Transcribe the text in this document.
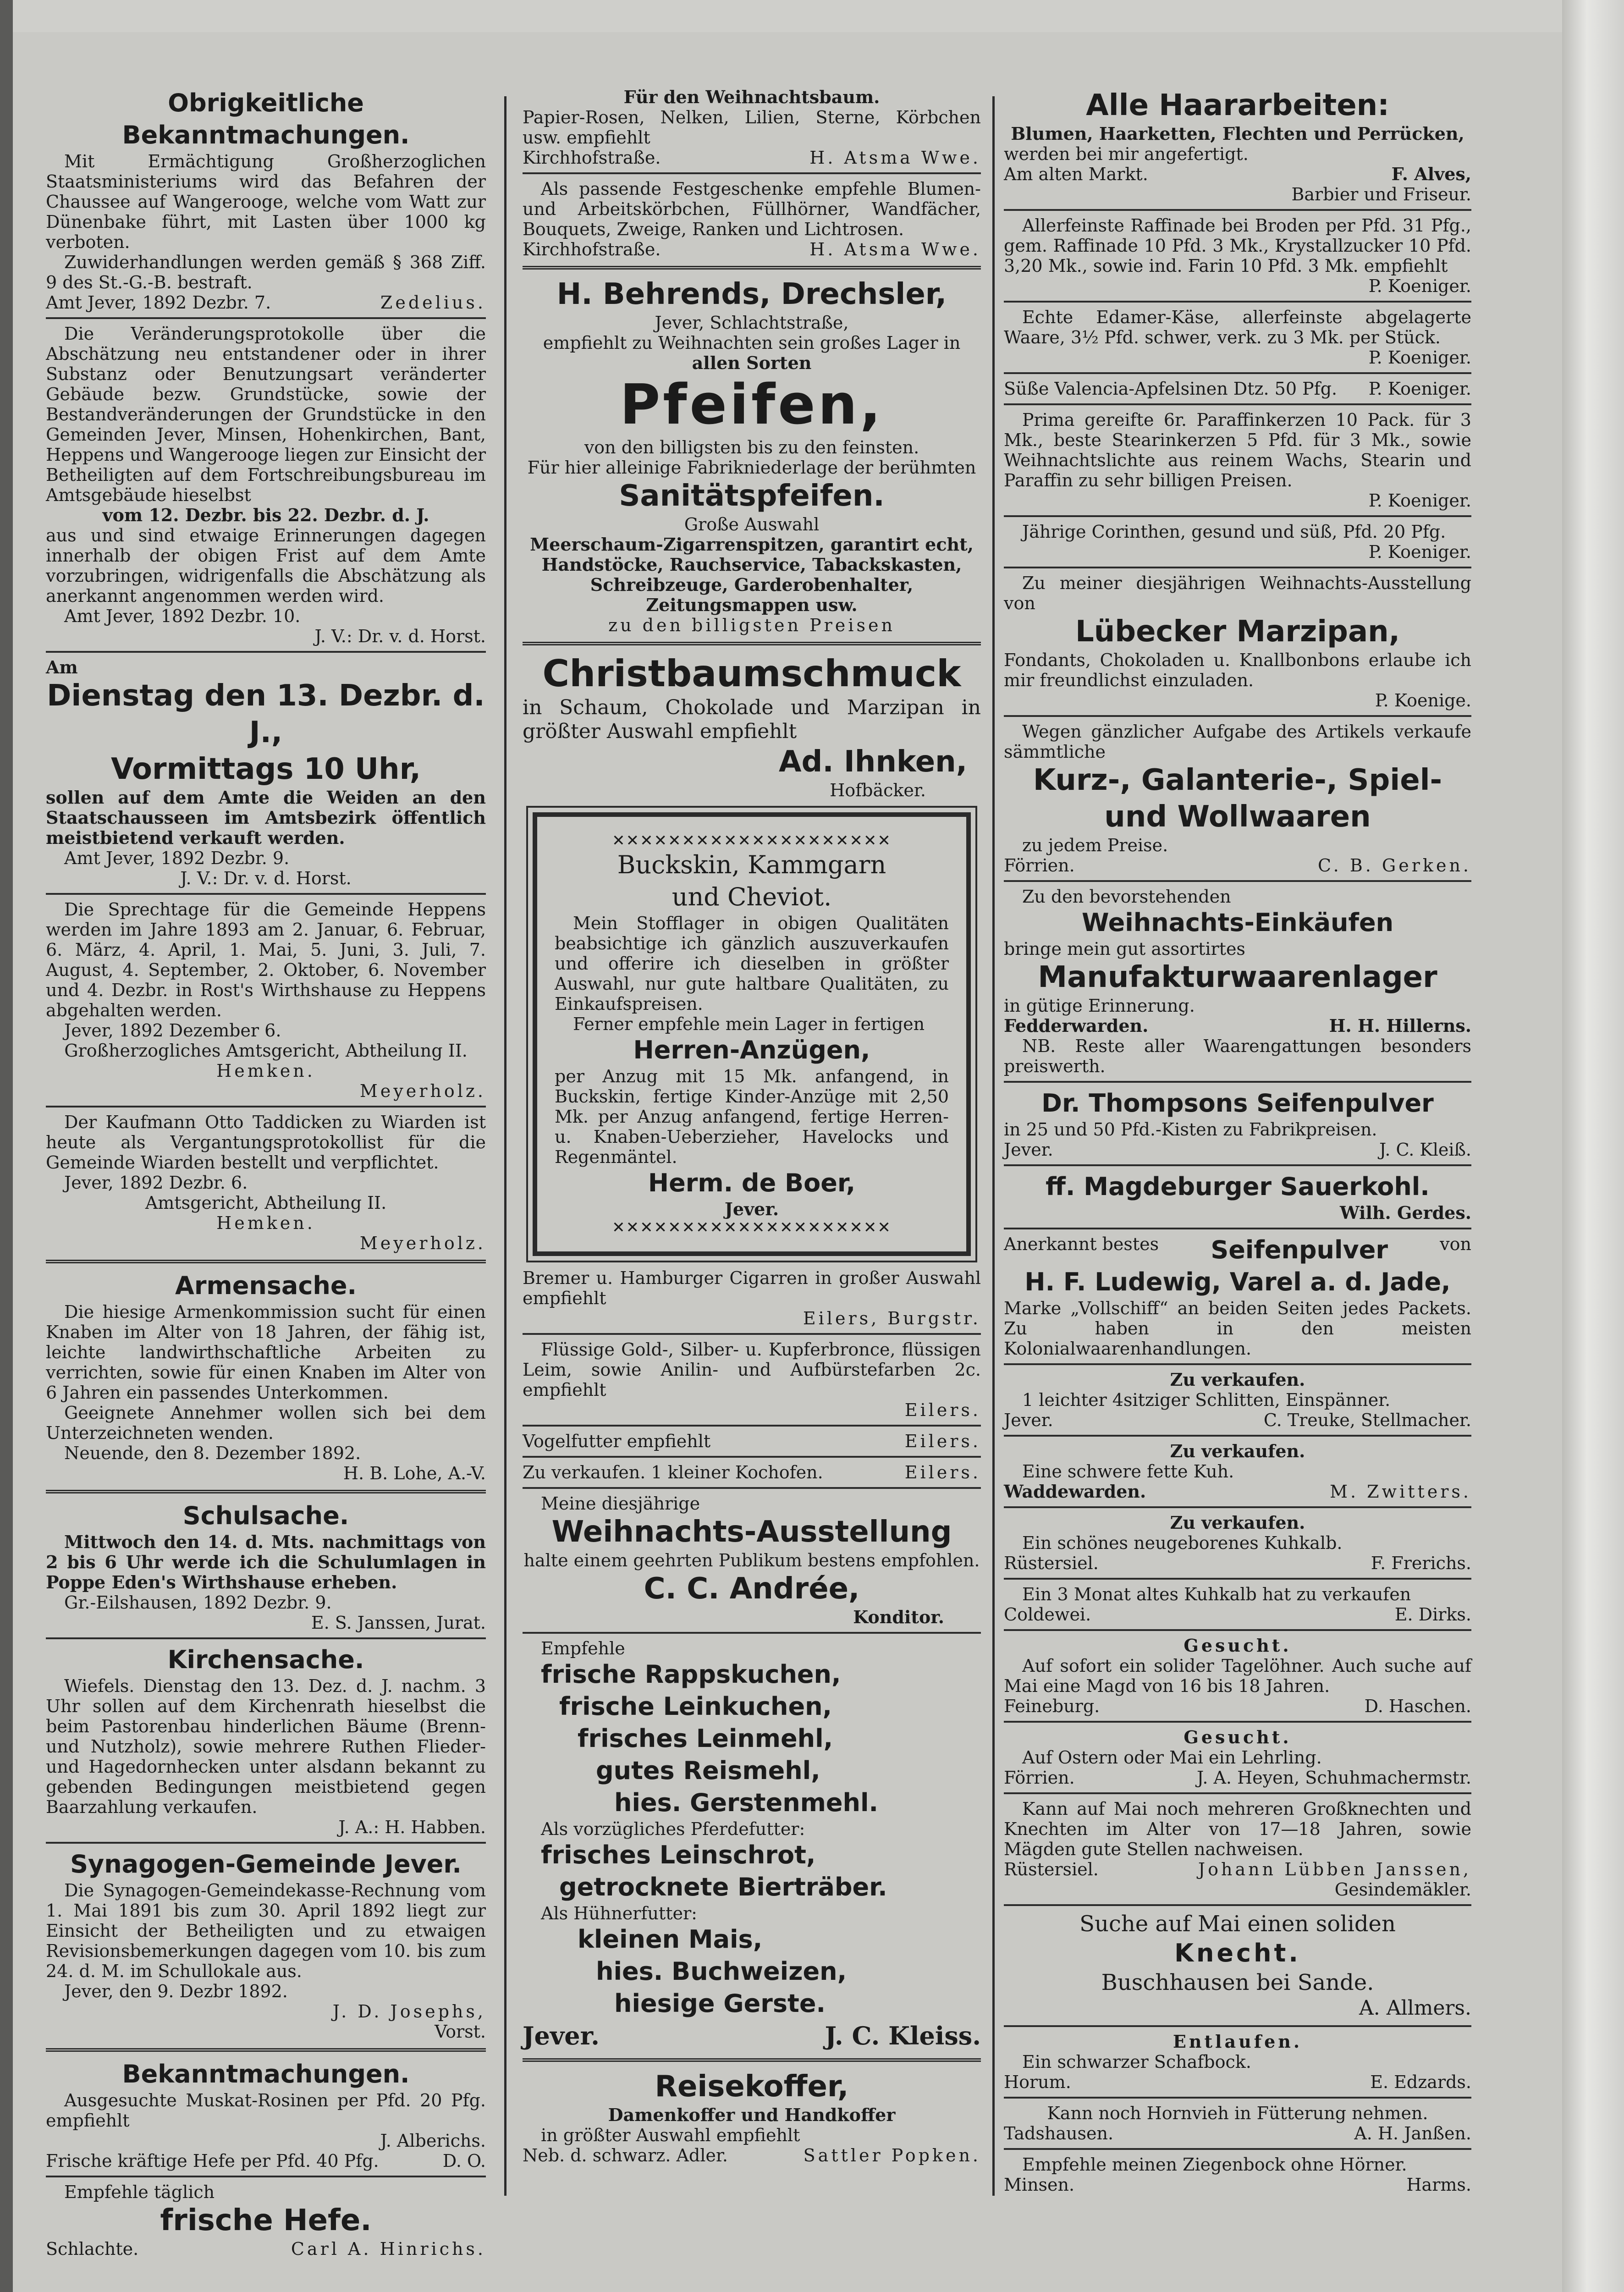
Obrigkeitliche Bekanntmachungen.

Mit Ermächtigung Großherzoglichen Staatsministeriums wird das Befahren der Chaussee auf Wangerooge, welche vom Watt zur Dünenbake führt, mit Lasten über 1000 kg verboten.

Zuwiderhandlungen werden gemäß § 368 Ziff. 9 des St.-G.-B. bestraft.

Amt Jever, 1892 Dezbr. 7.	Zedelius.

Die Veränderungsprotokolle über die Abschätzung neu entstandener oder in ihrer Substanz oder Benutzungsart veränderter Gebäude bezw. Grundstücke, sowie der Bestandveränderungen der Grundstücke in den Gemeinden Jever, Minsen, Hohenkirchen, Bant, Heppens und Wangerooge liegen zur Einsicht der Betheiligten auf dem Fortschreibungsbureau im Amtsgebäude hieselbst

vom 12. Dezbr. bis 22. Dezbr. d. J.

aus und sind etwaige Erinnerungen dagegen innerhalb der obigen Frist auf dem Amte vorzubringen, widrigenfalls die Abschätzung als anerkannt angenommen werden wird.

Amt Jever, 1892 Dezbr. 10.

J. V.: Dr. v. d. Horst.

Am

Dienstag den 13. Dezbr. d. J.,

Vormittags 10 Uhr,

sollen auf dem Amte die Weiden an den Staatschausseen im Amtsbezirk öffentlich meistbietend verkauft werden.

Amt Jever, 1892 Dezbr. 9.

J. V.: Dr. v. d. Horst.

Die Sprechtage für die Gemeinde Heppens werden im Jahre 1893 am 2. Januar, 6. Februar, 6. März, 4. April, 1. Mai, 5. Juni, 3. Juli, 7. August, 4. September, 2. Oktober, 6. November und 4. Dezbr. in Rost's Wirthshause zu Heppens abgehalten werden.

Jever, 1892 Dezember 6.

Großherzogliches Amtsgericht, Abtheilung II.

Hemken.

Meyerholz.

Der Kaufmann Otto Taddicken zu Wiarden ist heute als Vergantungsprotokollist für die Gemeinde Wiarden bestellt und verpflichtet.

Jever, 1892 Dezbr. 6.

Amtsgericht, Abtheilung II.

Hemken.

Meyerholz.

Armensache.

Die hiesige Armenkommission sucht für einen Knaben im Alter von 18 Jahren, der fähig ist, leichte landwirthschaftliche Arbeiten zu verrichten, sowie für einen Knaben im Alter von 6 Jahren ein passendes Unterkommen.

Geeignete Annehmer wollen sich bei dem Unterzeichneten wenden.

Neuende, den 8. Dezember 1892.

H. B. Lohe, A.-V.

Schulsache.

Mittwoch den 14. d. Mts. nachmittags von 2 bis 6 Uhr werde ich die Schulumlagen in Poppe Eden's Wirthshause erheben.

Gr.-Eilshausen, 1892 Dezbr. 9.

E. S. Janssen, Jurat.

Kirchensache.

Wiefels. Dienstag den 13. Dez. d. J. nachm. 3 Uhr sollen auf dem Kirchenrath hieselbst die beim Pastorenbau hinderlichen Bäume (Brenn- und Nutzholz), sowie mehrere Ruthen Flieder- und Hagedornhecken unter alsdann bekannt zu gebenden Bedingungen meistbietend gegen Baarzahlung verkaufen.

J. A.: H. Habben.

Synagogen-Gemeinde Jever.

Die Synagogen-Gemeindekasse-Rechnung vom 1. Mai 1891 bis zum 30. April 1892 liegt zur Einsicht der Betheiligten und zu etwaigen Revisionsbemerkungen dagegen vom 10. bis zum 24. d. M. im Schullokale aus.

Jever, den 9. Dezbr 1892.

J. D. Josephs,

Vorst.

Bekanntmachungen.

Ausgesuchte Muskat-Rosinen per Pfd. 20 Pfg. empfiehlt

J. Alberichs.

Frische kräftige Hefe per Pfd. 40 Pfg.	D. O.

Empfehle täglich

frische Hefe.

Schlachte.	Carl A. Hinrichs.

Für den Weihnachtsbaum.

Papier-Rosen, Nelken, Lilien, Sterne, Körbchen usw. empfiehlt

Kirchhofstraße.	H. Atsma Wwe.

Als passende Festgeschenke empfehle Blumen- und Arbeitskörbchen, Füllhörner, Wandfächer, Bouquets, Zweige, Ranken und Lichtrosen.

Kirchhofstraße.	H. Atsma Wwe.

H. Behrends, Drechsler,

Jever, Schlachtstraße,

empfiehlt zu Weihnachten sein großes Lager in

allen Sorten

Pfeifen,

von den billigsten bis zu den feinsten.

Für hier alleinige Fabrikniederlage der berühmten

Sanitätspfeifen.

Große Auswahl

Meerschaum-Zigarrenspitzen, garantirt echt, Handstöcke, Rauchservice, Tabackskasten, Schreibzeuge, Garderobenhalter, Zeitungsmappen usw.

zu den billigsten Preisen

Christbaumschmuck

in Schaum, Chokolade und Marzipan in größter Auswahl empfiehlt

Ad. Ihnken,

Hofbäcker.

✕✕✕✕✕✕✕✕✕✕✕✕✕✕✕✕✕✕✕✕

Buckskin, Kammgarn

und Cheviot.

Mein Stofflager in obigen Qualitäten beabsichtige ich gänzlich auszuverkaufen und offerire ich dieselben in größter Auswahl, nur gute haltbare Qualitäten, zu Einkaufspreisen.

Ferner empfehle mein Lager in fertigen

Herren-Anzügen,

per Anzug mit 15 Mk. anfangend, in Buckskin, fertige Kinder-Anzüge mit 2,50 Mk. per Anzug anfangend, fertige Herren- u. Knaben-Ueberzieher, Havelocks und Regenmäntel.

Herm. de Boer,

Jever.

✕✕✕✕✕✕✕✕✕✕✕✕✕✕✕✕✕✕✕✕

Bremer u. Hamburger Cigarren in großer Auswahl empfiehlt

Eilers, Burgstr.

Flüssige Gold-, Silber- u. Kupferbronce, flüssigen Leim, sowie Anilin- und Aufbürstefarben 2c. empfiehlt

Eilers.

Vogelfutter empfiehlt	Eilers.
Zu verkaufen. 1 kleiner Kochofen.	Eilers.

Meine diesjährige

Weihnachts-Ausstellung

halte einem geehrten Publikum bestens empfohlen.

C. C. Andrée,

Konditor.

Empfehle

frische Rappskuchen,

frische Leinkuchen,

frisches Leinmehl,

gutes Reismehl,

hies. Gerstenmehl.

Als vorzügliches Pferdefutter:

frisches Leinschrot,

getrocknete Bierträber.

Als Hühnerfutter:

kleinen Mais,

hies. Buchweizen,

hiesige Gerste.

Jever.	J. C. Kleiss.

Reisekoffer,

Damenkoffer und Handkoffer

in größter Auswahl empfiehlt

Neb. d. schwarz. Adler.	Sattler Popken.

Alle Haararbeiten:

Blumen, Haarketten, Flechten und Perrücken,

werden bei mir angefertigt.

Am alten Markt.	F. Alves,

Barbier und Friseur.

Allerfeinste Raffinade bei Broden per Pfd. 31 Pfg., gem. Raffinade 10 Pfd. 3 Mk., Krystallzucker 10 Pfd. 3,20 Mk., sowie ind. Farin 10 Pfd. 3 Mk. empfiehlt

P. Koeniger.

Echte Edamer-Käse, allerfeinste abgelagerte Waare, 3½ Pfd. schwer, verk. zu 3 Mk. per Stück.

P. Koeniger.

Süße Valencia-Apfelsinen Dtz. 50 Pfg. P. Koeniger.

Prima gereifte 6r. Paraffinkerzen 10 Pack. für 3 Mk., beste Stearinkerzen 5 Pfd. für 3 Mk., sowie Weihnachtslichte aus reinem Wachs, Stearin und Paraffin zu sehr billigen Preisen.

P. Koeniger.

Jährige Corinthen, gesund und süß, Pfd. 20 Pfg.

P. Koeniger.

Zu meiner diesjährigen Weihnachts-Ausstellung von

Lübecker Marzipan,

Fondants, Chokoladen u. Knallbonbons erlaube ich mir freundlichst einzuladen.

P. Koenige.

Wegen gänzlicher Aufgabe des Artikels verkaufe sämmtliche

Kurz-, Galanterie-, Spiel-

und Wollwaaren

zu jedem Preise.

Förrien.	C. B. Gerken.

Zu den bevorstehenden

Weihnachts-Einkäufen

bringe mein gut assortirtes

Manufakturwaarenlager

in gütige Erinnerung.

Fedderwarden.	H. H. Hillerns.

NB. Reste aller Waarengattungen besonders preiswerth.

Dr. Thompsons Seifenpulver

in 25 und 50 Pfd.-Kisten zu Fabrikpreisen.

Jever.	J. C. Kleiß.

ff. Magdeburger Sauerkohl.

Wilh. Gerdes.

Anerkannt bestes Seifenpulver	von

H. F. Ludewig, Varel a. d. Jade,

Marke „Vollschiff“ an beiden Seiten jedes Packets. Zu haben in den meisten Kolonialwaarenhandlungen.

Zu verkaufen.

1 leichter 4sitziger Schlitten, Einspänner.

Jever.	C. Treuke, Stellmacher.

Zu verkaufen.

Eine schwere fette Kuh.

Waddewarden.	M. Zwitters.

Zu verkaufen.

Ein schönes neugeborenes Kuhkalb.

Rüstersiel.	F. Frerichs.

Ein 3 Monat altes Kuhkalb hat zu verkaufen

Coldewei.	E. Dirks.

Gesucht.

Auf sofort ein solider Tagelöhner. Auch suche auf Mai eine Magd von 16 bis 18 Jahren.

Feineburg.	D. Haschen.

Gesucht.

Auf Ostern oder Mai ein Lehrling.

Förrien.	J. A. Heyen, Schuhmachermstr.

Kann auf Mai noch mehreren Großknechten und Knechten im Alter von 17—18 Jahren, sowie Mägden gute Stellen nachweisen.

Rüstersiel.	Johann Lübben Janssen,

Gesindemäkler.

Suche auf Mai einen soliden

Knecht.

Buschhausen bei Sande.

A. Allmers.

Entlaufen.

Ein schwarzer Schafbock.

Horum.	E. Edzards.

Kann noch Hornvieh in Fütterung nehmen.

Tadshausen.	A. H. Janßen.

Empfehle meinen Ziegenbock ohne Hörner.

Minsen.	Harms.
